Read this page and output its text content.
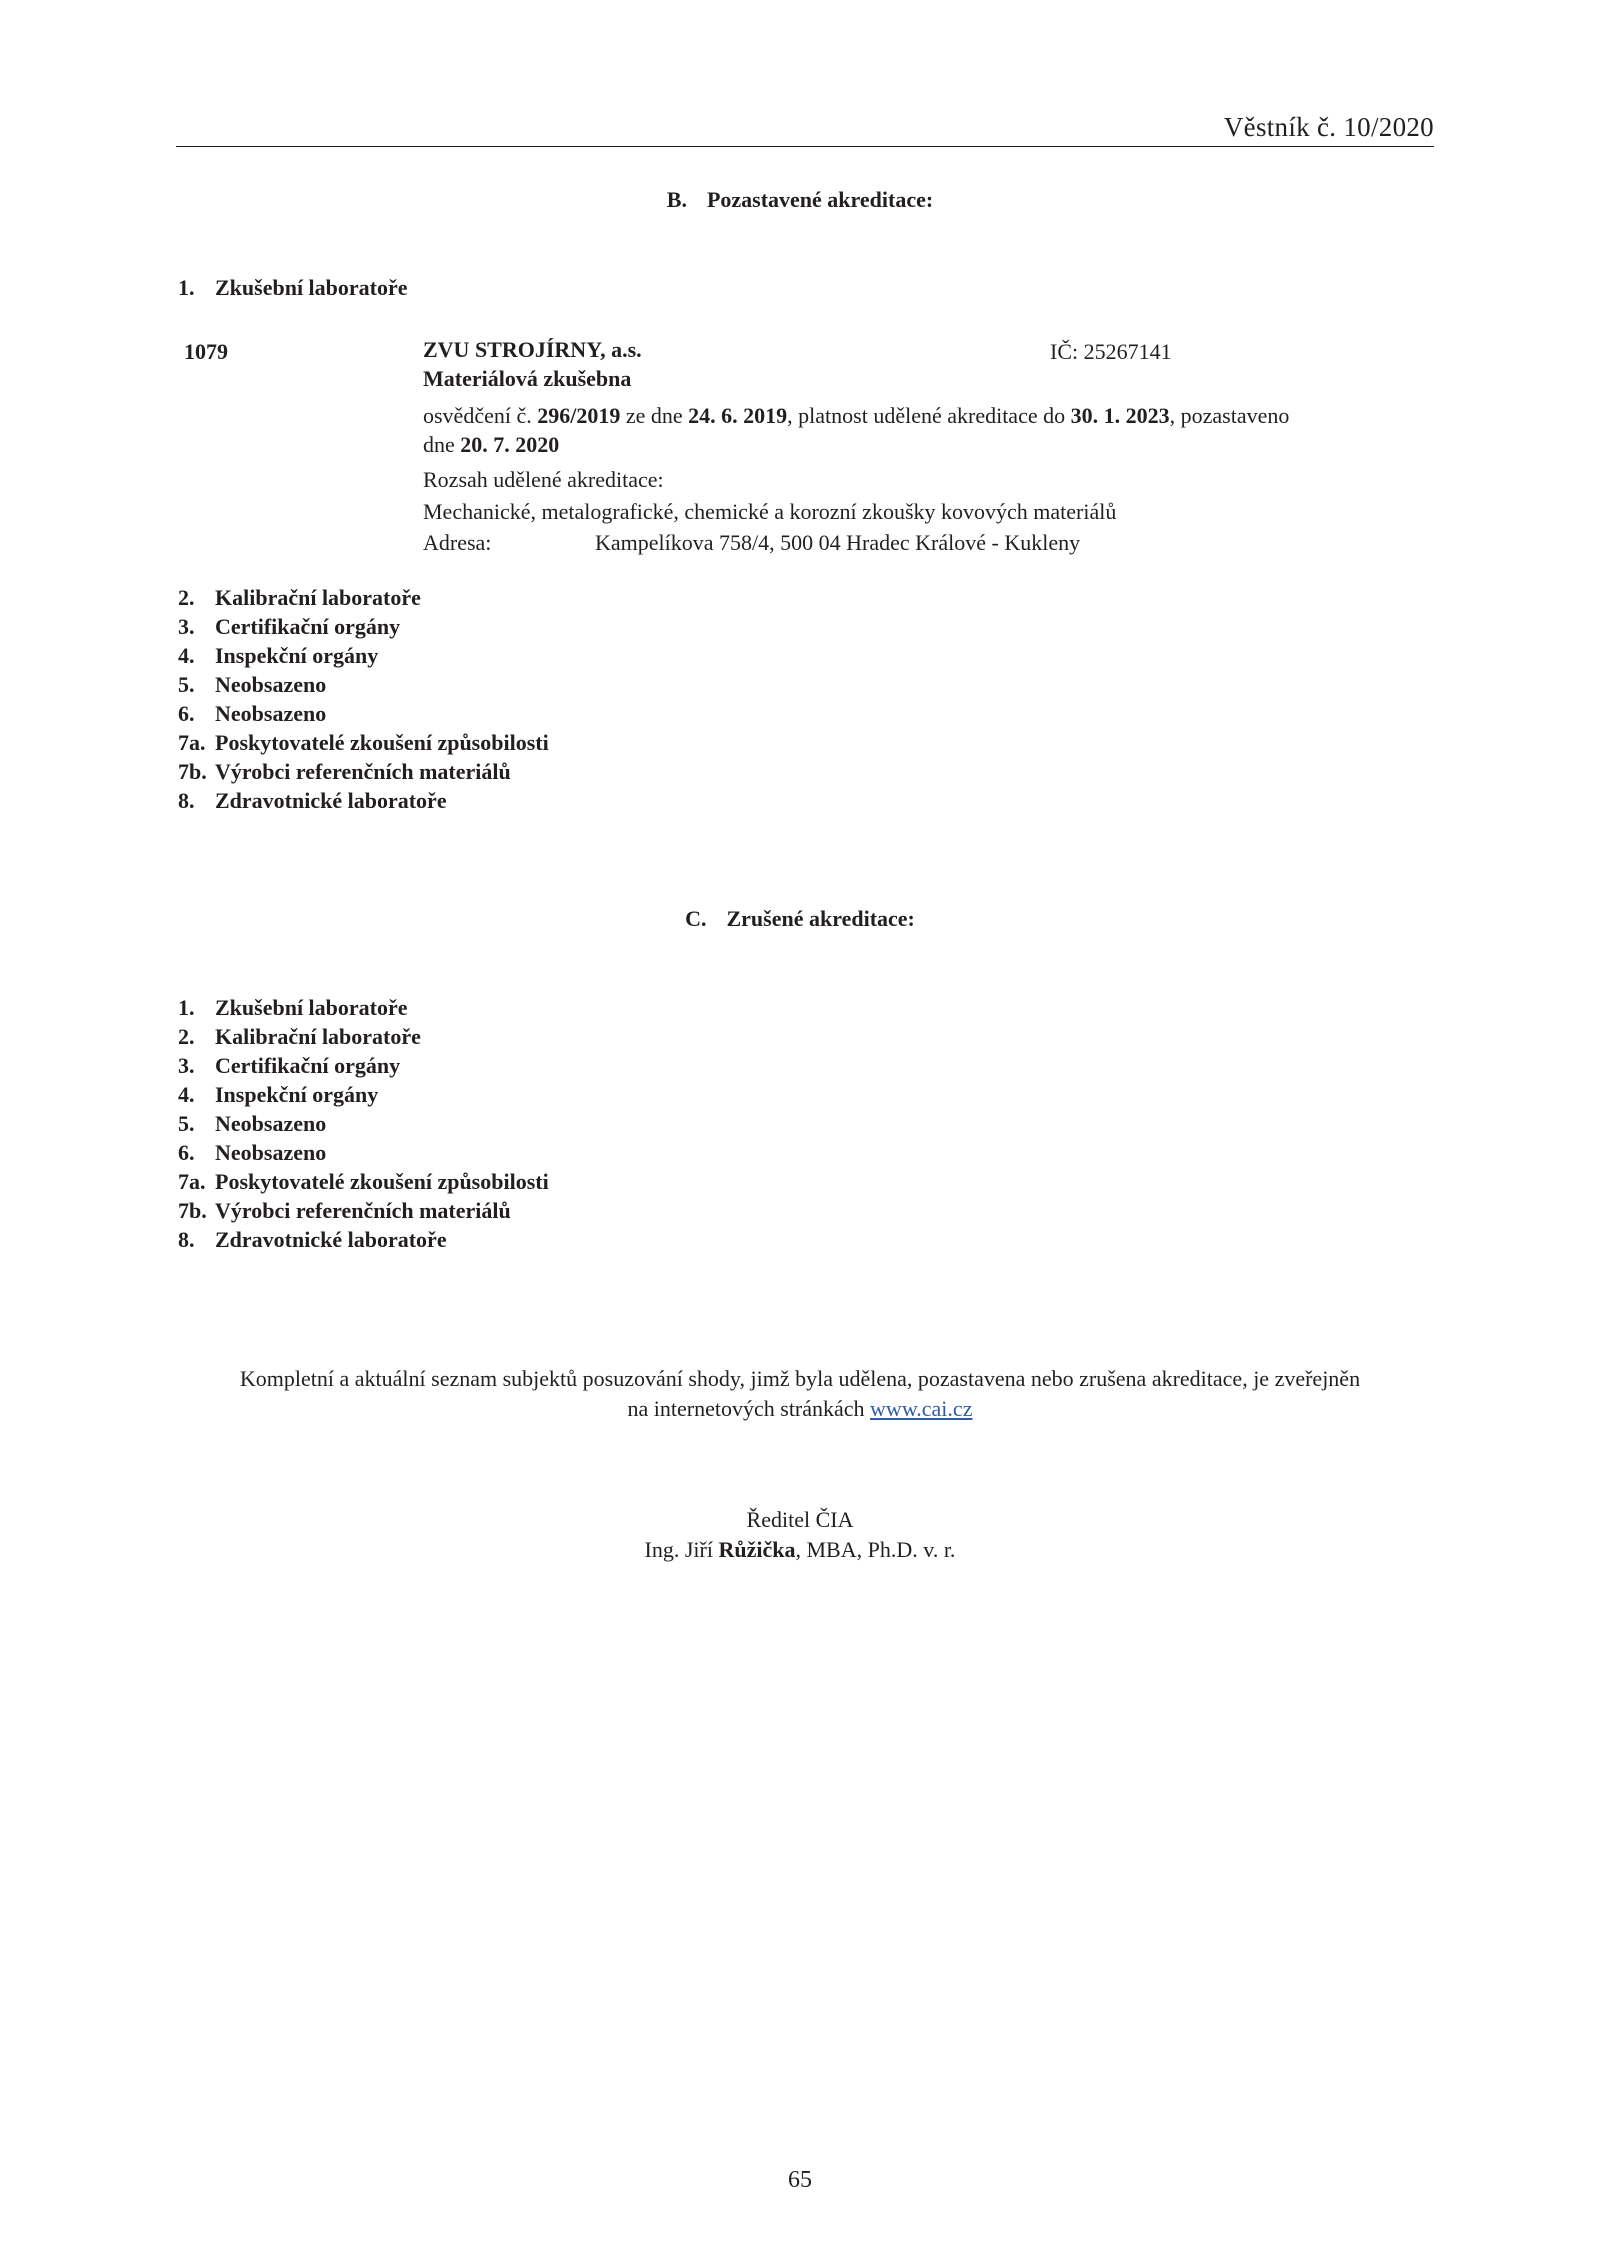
Věstník č. 10/2020
B. Pozastavené akreditace:
1. Zkušební laboratoře
1079	IČ: 25267141
ZVU STROJÍRNY, a.s.
Materiálová zkušebna
osvědčení č. 296/2019 ze dne 24. 6. 2019, platnost udělené akreditace do 30. 1. 2023, pozastaveno
dne 20. 7. 2020
Rozsah udělené akreditace:
Mechanické, metalografické, chemické a korozní zkoušky kovových materiálů
Adresa:	Kampelíkova 758/4, 500 04 Hradec Králové - Kukleny
2. Kalibrační laboratoře
3. Certifikační orgány
4. Inspekční orgány
5. Neobsazeno
6. Neobsazeno
7a. Poskytovatelé zkoušení způsobilosti
7b. Výrobci referenčních materiálů
8. Zdravotnické laboratoře
C. Zrušené akreditace:
1. Zkušební laboratoře
2. Kalibrační laboratoře
3. Certifikační orgány
4. Inspekční orgány
5. Neobsazeno
6. Neobsazeno
7a. Poskytovatelé zkoušení způsobilosti
7b. Výrobci referenčních materiálů
8. Zdravotnické laboratoře
Kompletní a aktuální seznam subjektů posuzování shody, jimž byla udělena, pozastavena nebo zrušena akreditace, je zveřejněn
na internetových stránkách www.cai.cz
Ředitel ČIA
Ing. Jiří Růžička, MBA, Ph.D. v. r.
65
